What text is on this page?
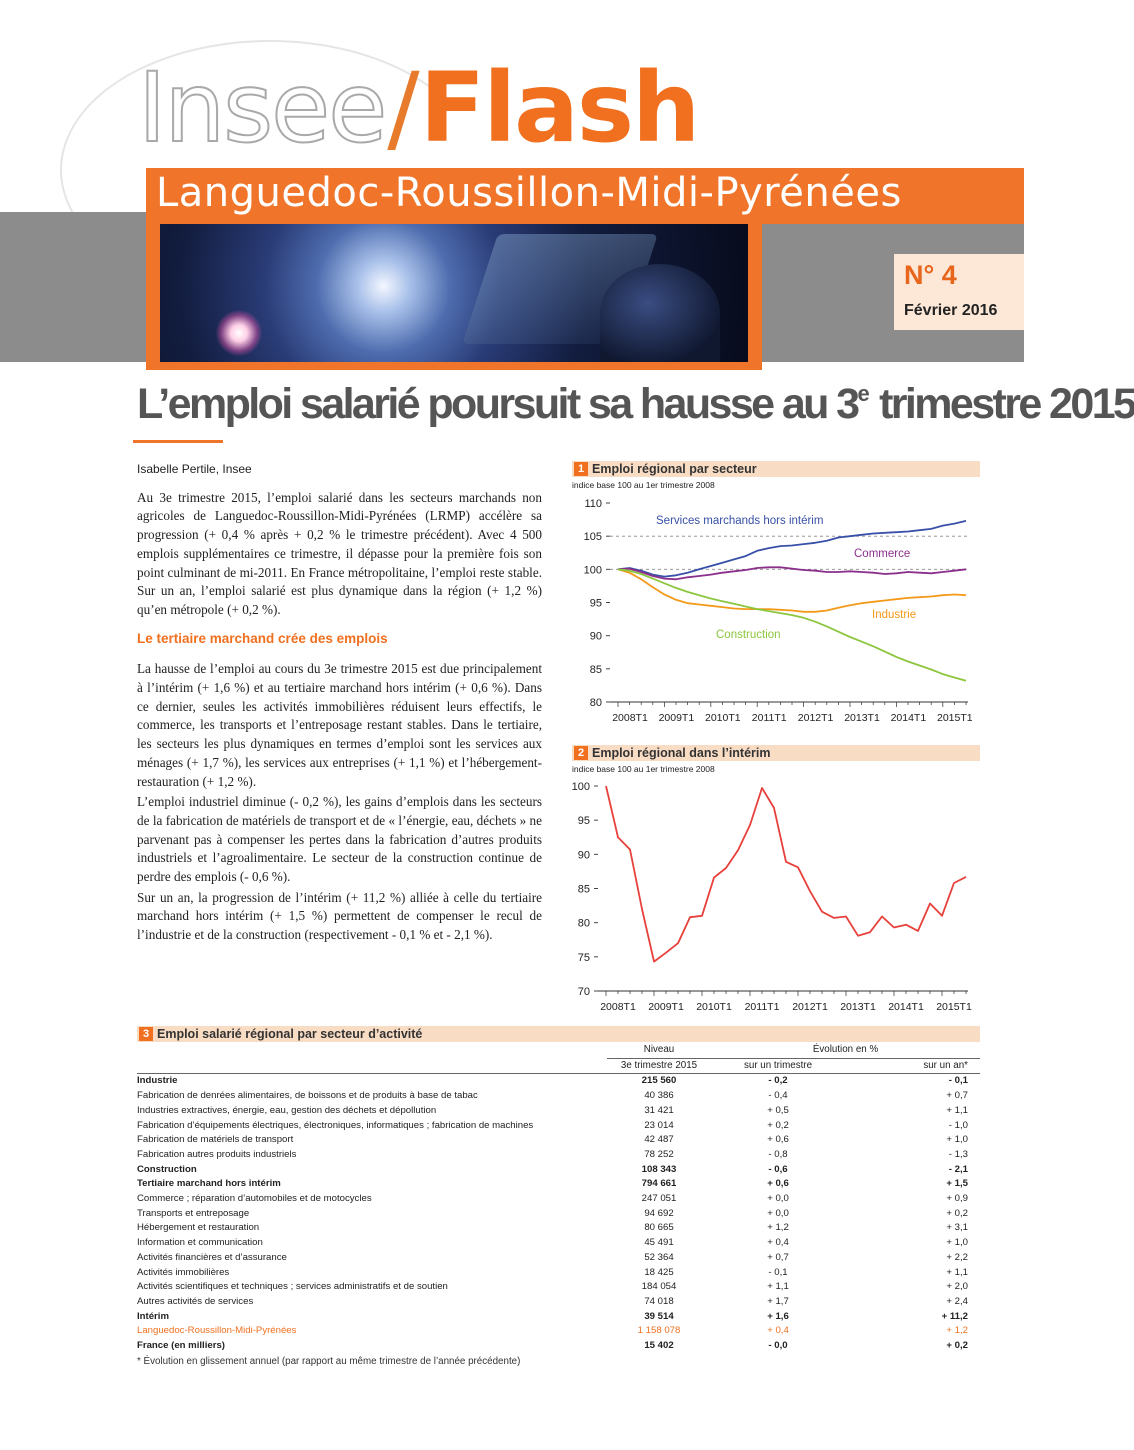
Insee/Flash
Languedoc-Roussillon-Midi-Pyrénées
N° 4
Février 2016
L’emploi salarié poursuit sa hausse au 3e trimestre 2015
Isabelle Pertile, Insee

Au 3e trimestre 2015, l’emploi salarié dans les secteurs marchands non agricoles de Languedoc-Roussillon-Midi-Pyrénées (LRMP) accélère sa progression (+ 0,4 % après + 0,2 % le trimestre précédent). Avec 4 500 emplois supplémentaires ce trimestre, il dépasse pour la première fois son point culminant de mi-2011. En France métropolitaine, l’emploi reste stable. Sur un an, l’emploi salarié est plus dynamique dans la région (+ 1,2 %) qu’en métropole (+ 0,2 %).

Le tertiaire marchand crée des emplois

La hausse de l’emploi au cours du 3e trimestre 2015 est due principalement à l’intérim (+ 1,6 %) et au tertiaire marchand hors intérim (+ 0,6 %). Dans ce dernier, seules les activités immobilières réduisent leurs effectifs, le commerce, les transports et l’entreposage restant stables. Dans le tertiaire, les secteurs les plus dynamiques en termes d’emploi sont les services aux ménages (+ 1,7 %), les services aux entreprises (+ 1,1 %) et l’hébergement-restauration (+ 1,2 %).

L’emploi industriel diminue (- 0,2 %), les gains d’emplois dans les secteurs de la fabrication de matériels de transport et de « l’énergie, eau, déchets » ne parvenant pas à compenser les pertes dans la fabrication d’autres produits industriels et l’agroalimentaire. Le secteur de la construction continue de perdre des emplois (- 0,6 %).

Sur un an, la progression de l’intérim (+ 11,2 %) alliée à celle du tertiaire marchand hors intérim (+ 1,5 %) permettent de compenser le recul de l’industrie et de la construction (respectivement - 0,1 % et - 2,1 %).

1 Emploi régional par secteur
indice base 100 au 1er trimestre 2008
80
85
90
95
100
105
110
2008T1 2009T1 2010T1 2011T1 2012T1 2013T1 2014T1 2015T1
Services marchands hors intérim
Commerce
Industrie
Construction
2 Emploi régional dans l’intérim
indice base 100 au 1er trimestre 2008
70
75
80
85
90
95
100
2008T1 2009T1 2010T1 2011T1 2012T1 2013T1 2014T1 2015T1
3 Emploi salarié régional par secteur d’activité
	Niveau	Évolution en %	
	3e trimestre 2015	sur un trimestre	sur un an*
Industrie	215 560	- 0,2	- 0,1
Fabrication de denrées alimentaires, de boissons et de produits à base de tabac	40 386	- 0,4	+ 0,7
Industries extractives, énergie, eau, gestion des déchets et dépollution	31 421	+ 0,5	+ 1,1
Fabrication d’équipements électriques, électroniques, informatiques ; fabrication de machines	23 014	+ 0,2	- 1,0
Fabrication de matériels de transport	42 487	+ 0,6	+ 1,0
Fabrication autres produits industriels	78 252	- 0,8	- 1,3
Construction	108 343	- 0,6	- 2,1
Tertiaire marchand hors intérim	794 661	+ 0,6	+ 1,5
Commerce ; réparation d’automobiles et de motocycles	247 051	+ 0,0	+ 0,9
Transports et entreposage	94 692	+ 0,0	+ 0,2
Hébergement et restauration	80 665	+ 1,2	+ 3,1
Information et communication	45 491	+ 0,4	+ 1,0
Activités financières et d’assurance	52 364	+ 0,7	+ 2,2
Activités immobilières	18 425	- 0,1	+ 1,1
Activités scientifiques et techniques ; services administratifs et de soutien	184 054	+ 1,1	+ 2,0
Autres activités de services	74 018	+ 1,7	+ 2,4
Intérim	39 514	+ 1,6	+ 11,2
Languedoc-Roussillon-Midi-Pyrénées	1 158 078	+ 0,4	+ 1,2
France (en milliers)	15 402	- 0,0	+ 0,2
* Évolution en glissement annuel (par rapport au même trimestre de l’année précédente)
